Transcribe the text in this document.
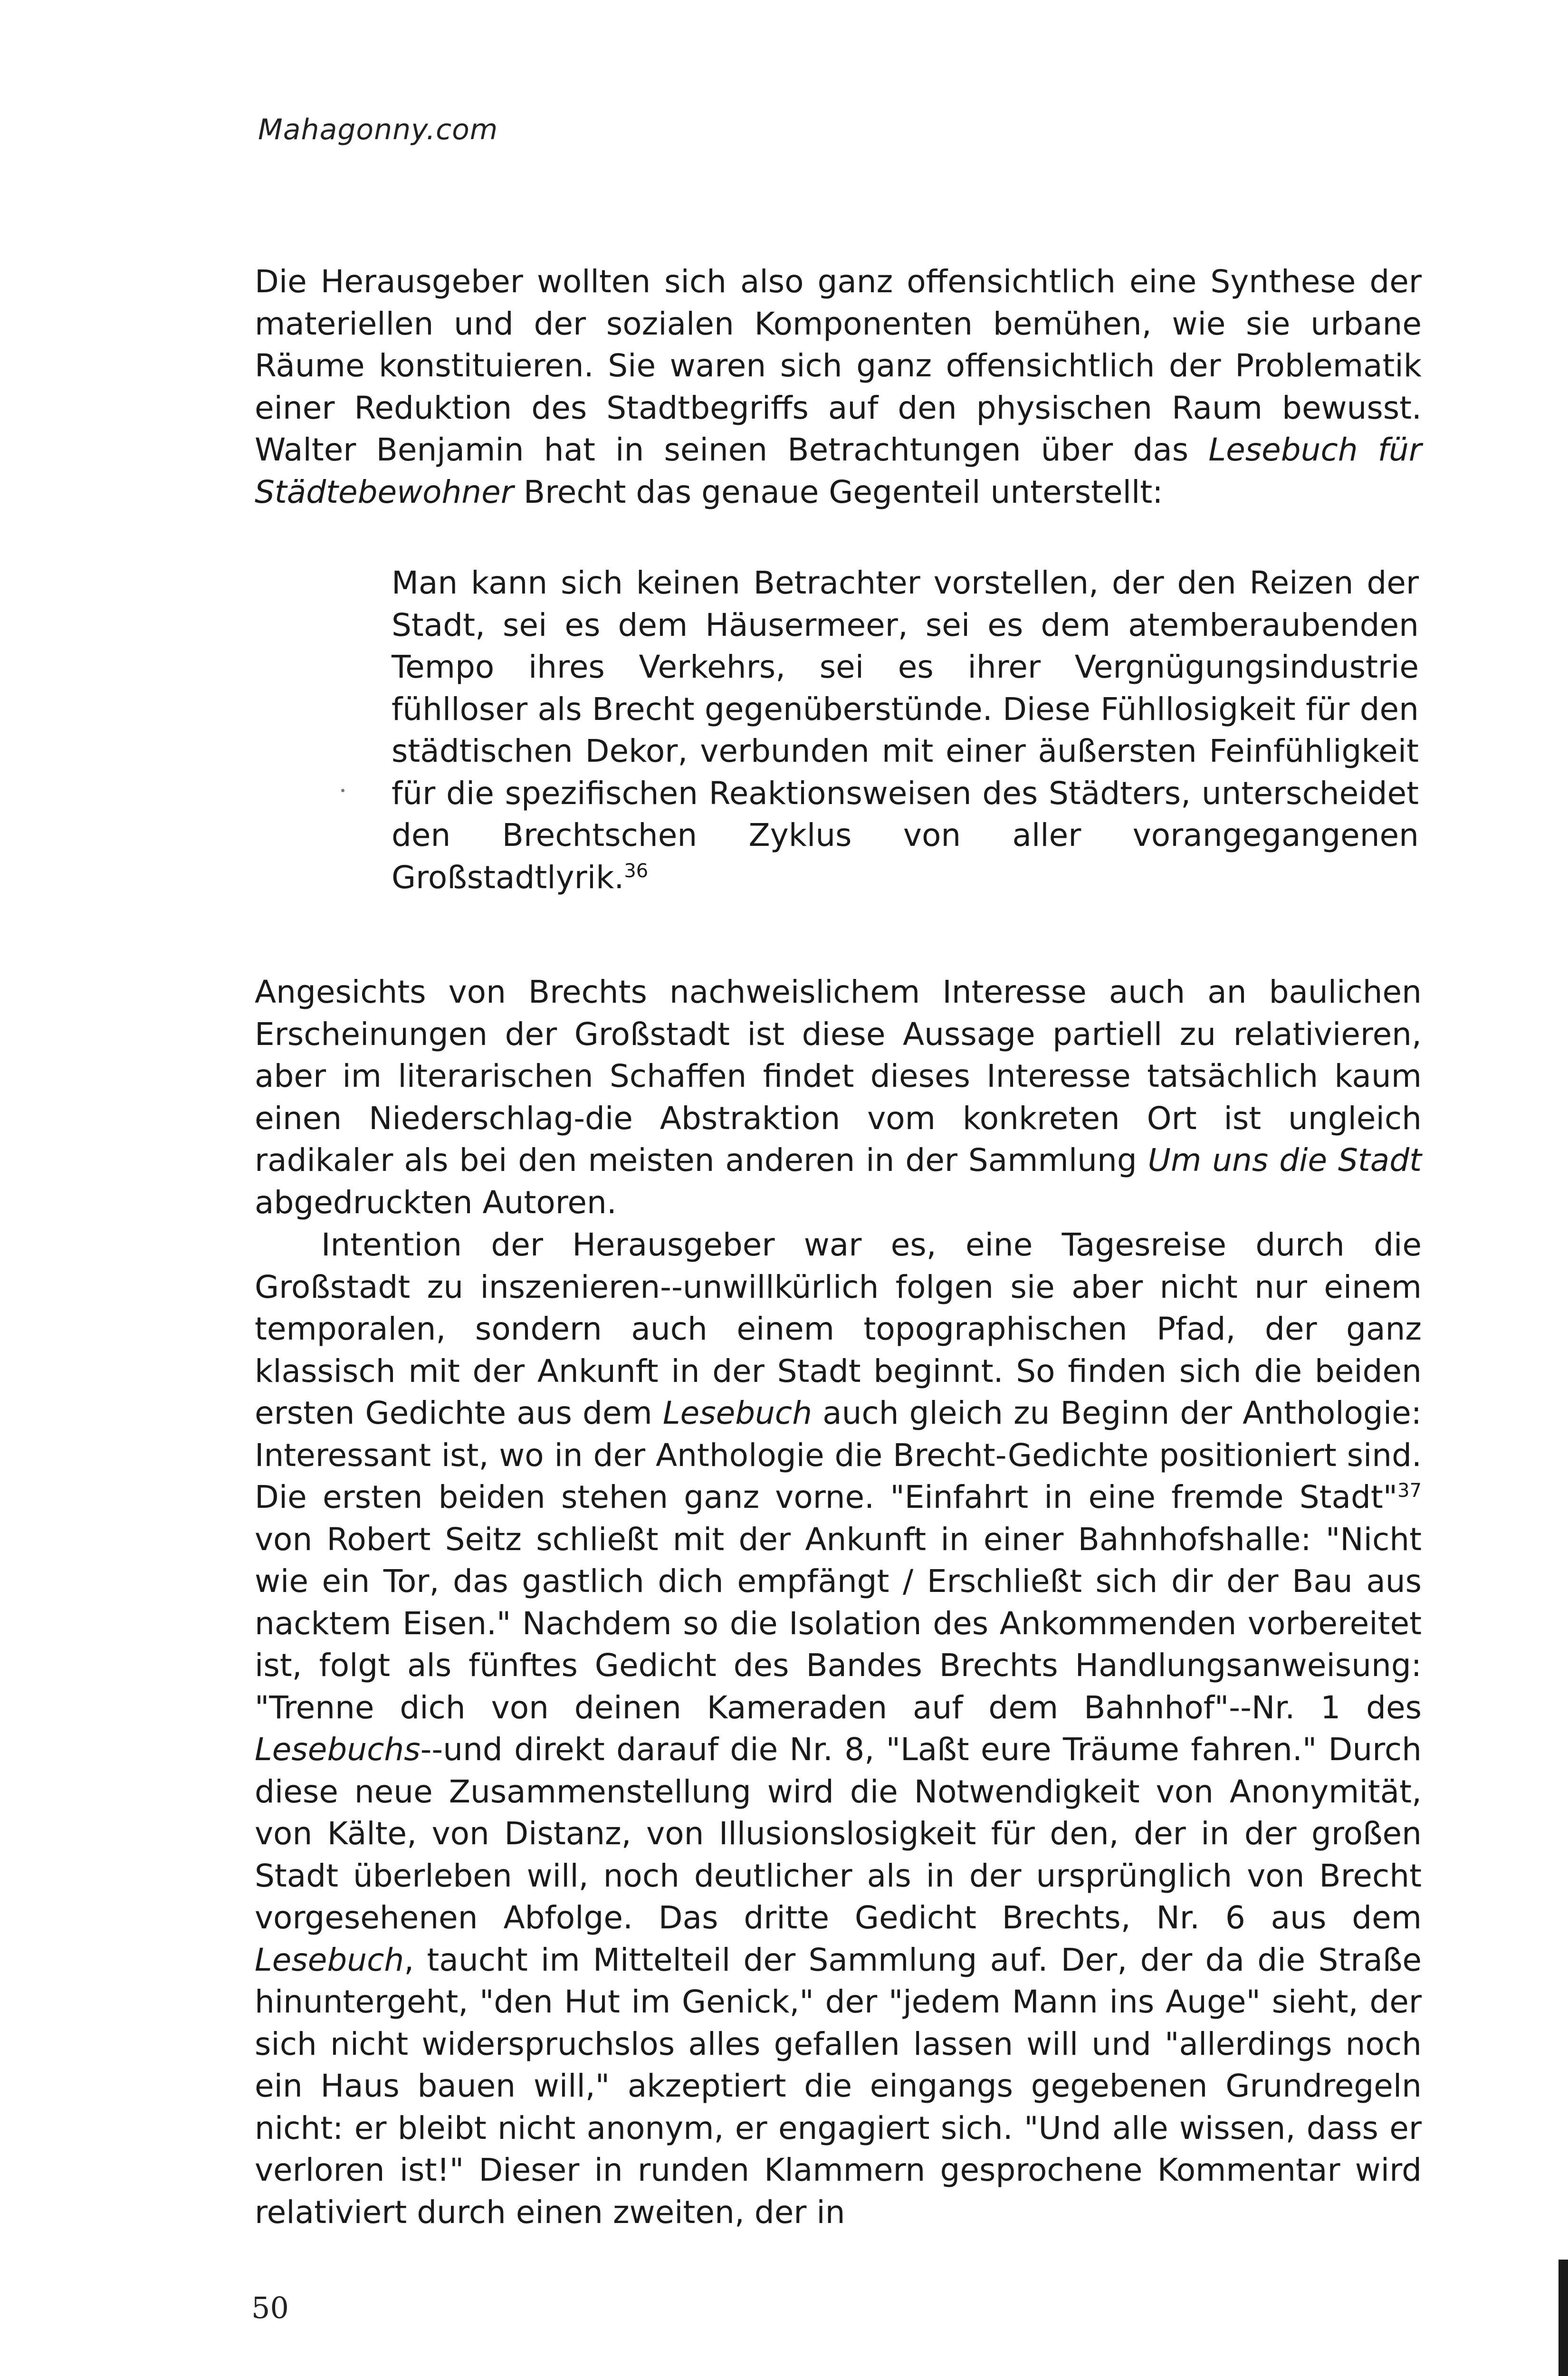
Mahagonny.com

Die Herausgeber wollten sich also ganz offensichtlich eine Synthese der materiellen und der sozialen Komponenten bemühen, wie sie urbane Räume konstituieren. Sie waren sich ganz offensichtlich der Problematik einer Reduktion des Stadtbegriffs auf den physischen Raum bewusst. Walter Benjamin hat in seinen Betrachtungen über das Lesebuch für Städtebewohner Brecht das genaue Gegenteil unterstellt:

Man kann sich keinen Betrachter vorstellen, der den Reizen der Stadt, sei es dem Häusermeer, sei es dem atemberaubenden Tempo ihres Verkehrs, sei es ihrer Vergnügungsindustrie fühlloser als Brecht gegenüberstünde. Diese Fühllosigkeit für den städtischen Dekor, verbunden mit einer äußersten Feinfühligkeit für die spezifischen Reaktionsweisen des Städters, unterscheidet den Brechtschen Zyklus von aller vorangegangenen Großstadtlyrik.$^{36}$

Angesichts von Brechts nachweislichem Interesse auch an baulichen Erscheinungen der Großstadt ist diese Aussage partiell zu relativieren, aber im literarischen Schaffen findet dieses Interesse tatsächlich kaum einen Niederschlag-die Abstraktion vom konkreten Ort ist ungleich radikaler als bei den meisten anderen in der Sammlung Um uns die Stadt abgedruckten Autoren.

Intention der Herausgeber war es, eine Tagesreise durch die Großstadt zu inszenieren--unwillkürlich folgen sie aber nicht nur einem temporalen, sondern auch einem topographischen Pfad, der ganz klassisch mit der Ankunft in der Stadt beginnt. So finden sich die beiden ersten Gedichte aus dem Lesebuch auch gleich zu Beginn der Anthologie: Interessant ist, wo in der Anthologie die Brecht-Gedichte positioniert sind. Die ersten beiden stehen ganz vorne. "Einfahrt in eine fremde Stadt"$^{37}$ von Robert Seitz schließt mit der Ankunft in einer Bahnhofshalle: "Nicht wie ein Tor, das gastlich dich empfängt / Erschließt sich dir der Bau aus nacktem Eisen." Nachdem so die Isolation des Ankommenden vorbereitet ist, folgt als fünftes Gedicht des Bandes Brechts Handlungsanweisung: "Trenne dich von deinen Kameraden auf dem Bahnhof"--Nr. 1 des Lesebuchs--und direkt darauf die Nr. 8, "Laßt eure Träume fahren." Durch diese neue Zusammenstellung wird die Notwendigkeit von Anonymität, von Kälte, von Distanz, von Illusionslosigkeit für den, der in der großen Stadt überleben will, noch deutlicher als in der ursprünglich von Brecht vorgesehenen Abfolge. Das dritte Gedicht Brechts, Nr. 6 aus dem Lesebuch, taucht im Mittelteil der Sammlung auf. Der, der da die Straße hinuntergeht, "den Hut im Genick," der "jedem Mann ins Auge" sieht, der sich nicht widerspruchslos alles gefallen lassen will und "allerdings noch ein Haus bauen will," akzeptiert die eingangs gegebenen Grundregeln nicht: er bleibt nicht anonym, er engagiert sich. "Und alle wissen, dass er verloren ist!" Dieser in runden Klammern gesprochene Kommentar wird relativiert durch einen zweiten, der in

50
